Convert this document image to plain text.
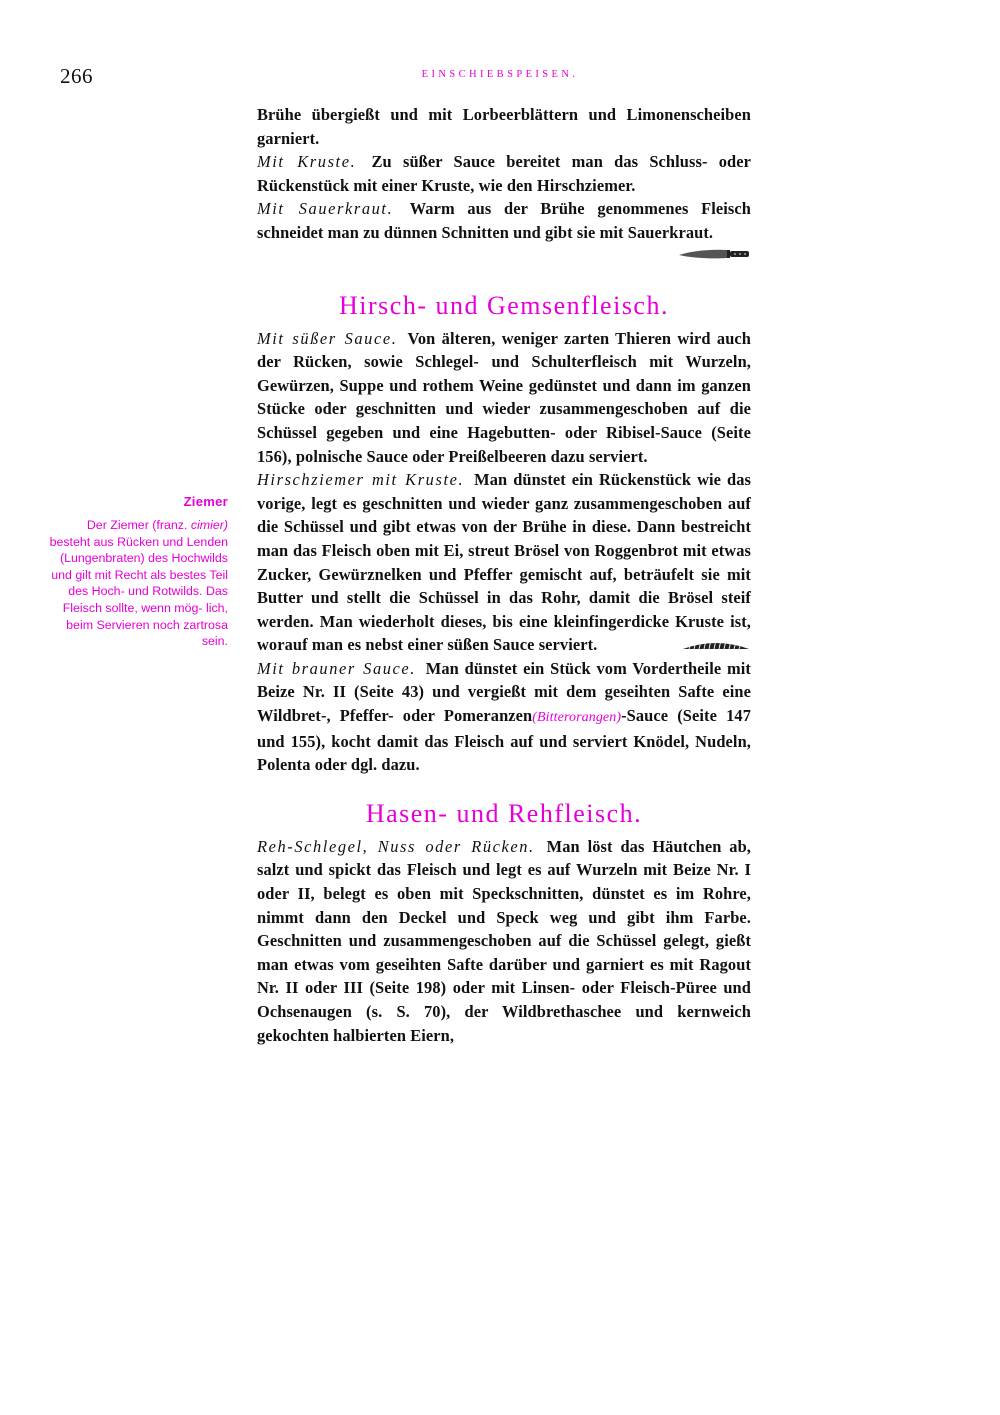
266	EINSCHIEBSPEISEN.
Ziemer
Der Ziemer (franz. cimier) besteht aus Rücken und Lenden (Lungenbraten) des Hochwilds und gilt mit Recht als bestes Teil des Hoch- und Rotwilds. Das Fleisch sollte, wenn mög- lich, beim Servieren noch zartrosa sein.

Brühe übergießt und mit Lorbeerblättern und Limonenscheiben garniert.

Mit Kruste. Zu süßer Sauce bereitet man das Schluss- oder Rückenstück mit einer Kruste, wie den Hirschziemer.

Mit Sauerkraut. Warm aus der Brühe genommenes Fleisch schneidet man zu dünnen Schnitten und gibt sie mit Sauerkraut.

Hirsch- und Gemsenfleisch.

Mit süßer Sauce. Von älteren, weniger zarten Thieren wird auch der Rücken, sowie Schlegel- und Schulterfleisch mit Wurzeln, Gewürzen, Suppe und rothem Weine gedünstet und dann im ganzen Stücke oder geschnitten und wieder zusammengeschoben auf die Schüssel gegeben und eine Hagebutten- oder Ribisel-Sauce (Seite 156), polnische Sauce oder Preißelbeeren dazu serviert.

Hirschziemer mit Kruste. Man dünstet ein Rückenstück wie das vorige, legt es geschnitten und wieder ganz zusammengeschoben auf die Schüssel und gibt etwas von der Brühe in diese. Dann bestreicht man das Fleisch oben mit Ei, streut Brösel von Roggenbrot mit etwas Zucker, Gewürznelken und Pfeffer gemischt auf, beträufelt sie mit Butter und stellt die Schüssel in das Rohr, damit die Brösel steif werden. Man wiederholt dieses, bis eine kleinfingerdicke Kruste ist, worauf man es nebst einer süßen Sauce serviert.

Mit brauner Sauce. Man dünstet ein Stück vom Vordertheile mit Beize Nr. II (Seite 43) und vergießt mit dem geseihten Safte eine Wildbret-, Pfeffer- oder Pomeranzen(Bitterorangen)-Sauce (Seite 147 und 155), kocht damit das Fleisch auf und serviert Knödel, Nudeln, Polenta oder dgl. dazu.

Hasen- und Rehfleisch.

Reh-Schlegel, Nuss oder Rücken. Man löst das Häutchen ab, salzt und spickt das Fleisch und legt es auf Wurzeln mit Beize Nr. I oder II, belegt es oben mit Speckschnitten, dünstet es im Rohre, nimmt dann den Deckel und Speck weg und gibt ihm Farbe. Geschnitten und zusammengeschoben auf die Schüssel gelegt, gießt man etwas vom geseihten Safte darüber und garniert es mit Ragout Nr. II oder III (Seite 198) oder mit Linsen- oder Fleisch-Püree und Ochsenaugen (s. S. 70), der Wildbrethaschee und kernweich gekochten halbierten Eiern,
